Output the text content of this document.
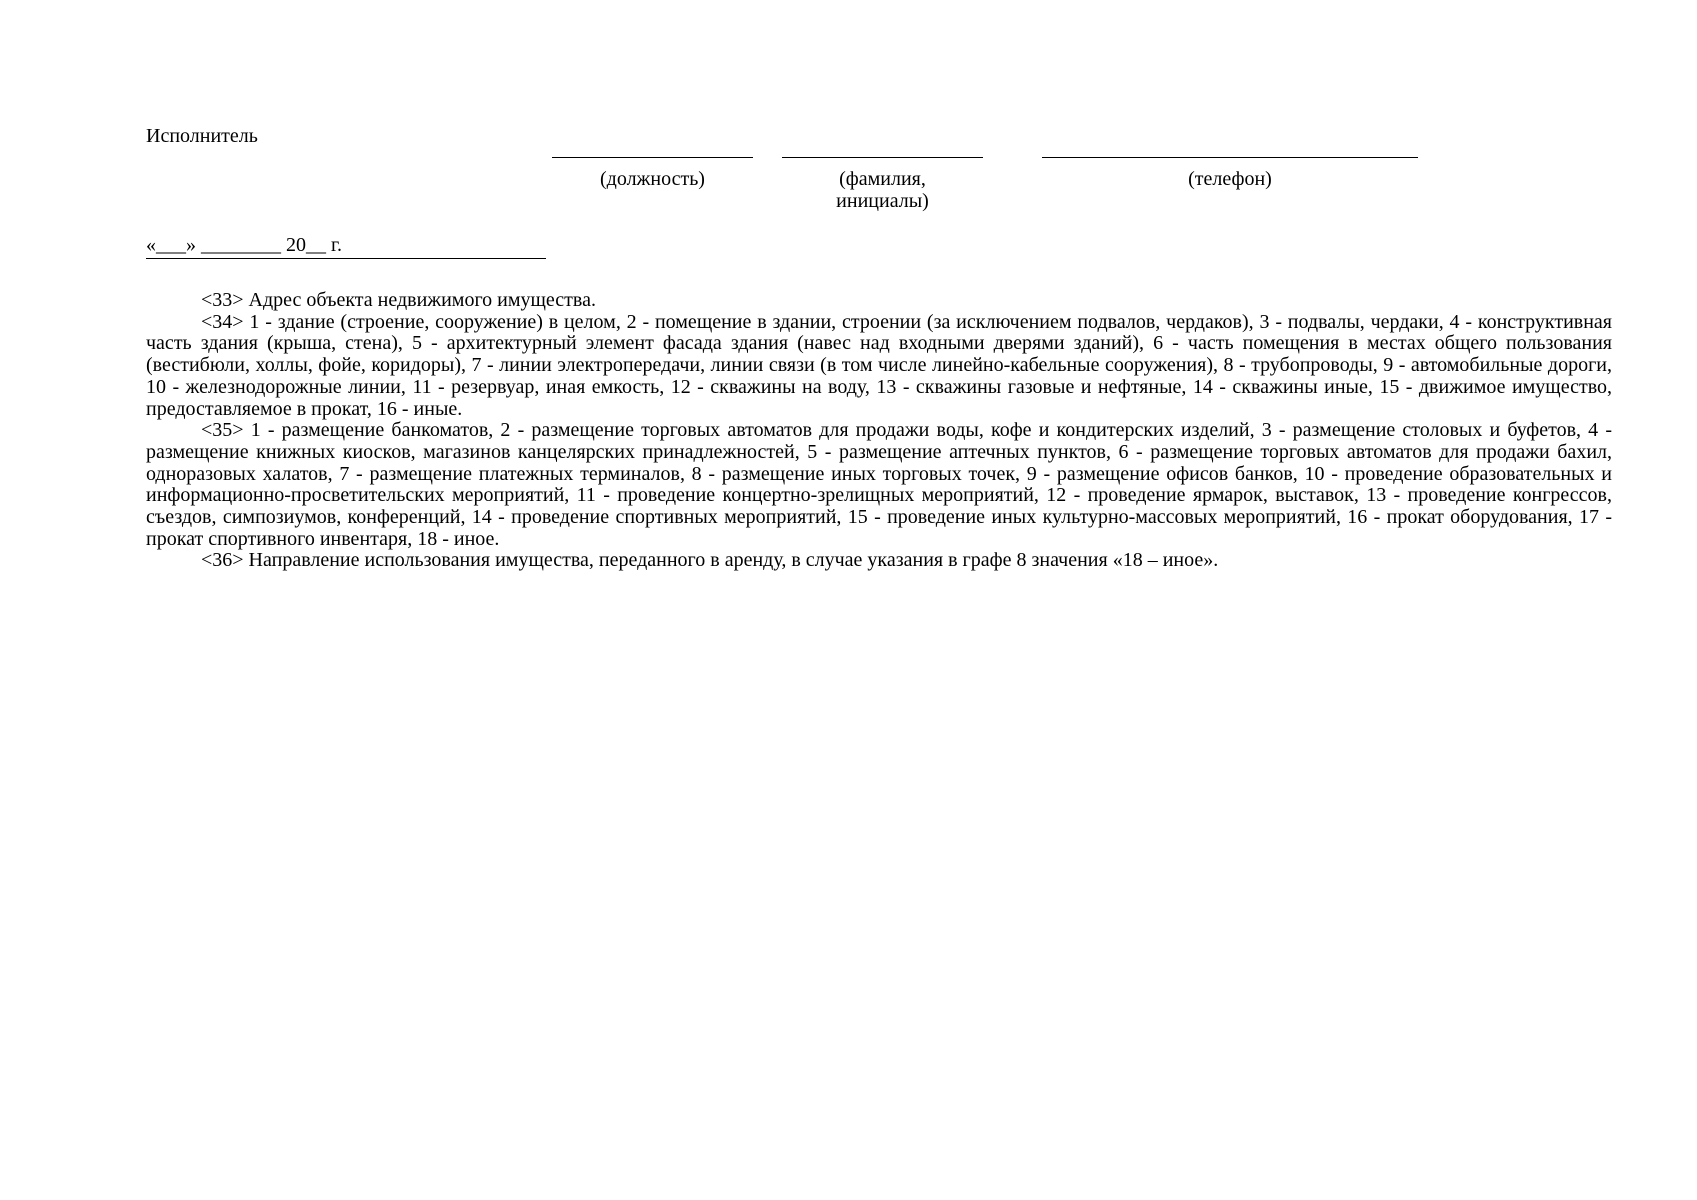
Исполнитель
(должность)	(фамилия,
инициалы)
(телефон)
«___» ________ 20__ г.

<33> Адрес объекта недвижимого имущества.

<34> 1 - здание (строение, сооружение) в целом, 2 - помещение в здании, строении (за исключением подвалов, чердаков), 3 - подвалы, чердаки, 4 - конструктивная часть здания (крыша, стена), 5 - архитектурный элемент фасада здания (навес над входными дверями зданий), 6 - часть помещения в местах общего пользования (вестибюли, холлы, фойе, коридоры), 7 - линии электропередачи, линии связи (в том числе линейно-кабельные сооружения), 8 - трубопроводы, 9 - автомобильные дороги, 10 - железнодорожные линии, 11 - резервуар, иная емкость, 12 - скважины на воду, 13 - скважины газовые и нефтяные, 14 - скважины иные, 15 - движимое имущество, предоставляемое в прокат, 16 - иные.

<35> 1 - размещение банкоматов, 2 - размещение торговых автоматов для продажи воды, кофе и кондитерских изделий, 3 - размещение столовых и буфетов, 4 - размещение книжных киосков, магазинов канцелярских принадлежностей, 5 - размещение аптечных пунктов, 6 - размещение торговых автоматов для продажи бахил, одноразовых халатов, 7 - размещение платежных терминалов, 8 - размещение иных торговых точек, 9 - размещение офисов банков, 10 - проведение образовательных и информационно-просветительских мероприятий, 11 - проведение концертно-зрелищных мероприятий, 12 - проведение ярмарок, выставок, 13 - проведение конгрессов, съездов, симпозиумов, конференций, 14 - проведение спортивных мероприятий, 15 - проведение иных культурно-массовых мероприятий, 16 - прокат оборудования, 17 - прокат спортивного инвентаря, 18 - иное.

<36> Направление использования имущества, переданного в аренду, в случае указания в графе 8 значения «18 – иное».
